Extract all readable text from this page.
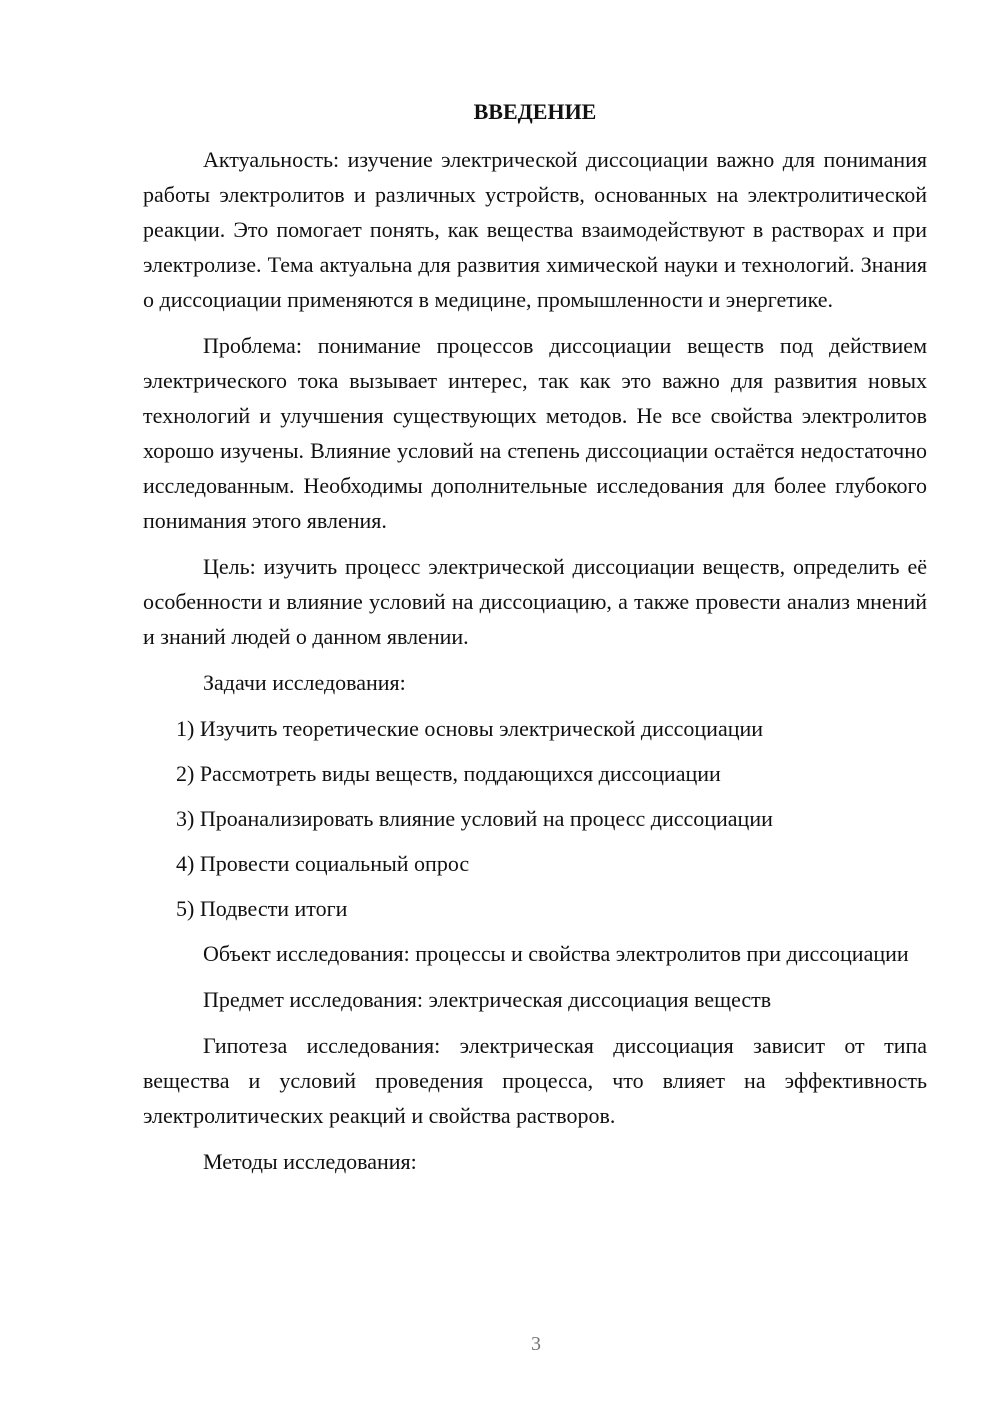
ВВЕДЕНИЕ

Актуальность: изучение электрической диссоциации важно для понимания работы электролитов и различных устройств, основанных на электролитической реакции. Это помогает понять, как вещества взаимодействуют в растворах и при электролизе. Тема актуальна для развития химической науки и технологий. Знания о диссоциации применяются в медицине, промышленности и энергетике.

Проблема: понимание процессов диссоциации веществ под действием электрического тока вызывает интерес, так как это важно для развития новых технологий и улучшения существующих методов. Не все свойства электролитов хорошо изучены. Влияние условий на степень диссоциации остаётся недостаточно исследованным. Необходимы дополнительные исследования для более глубокого понимания этого явления.

Цель: изучить процесс электрической диссоциации веществ, определить её особенности и влияние условий на диссоциацию, а также провести анализ мнений и знаний людей о данном явлении.

Задачи исследования:

1) Изучить теоретические основы электрической диссоциации
2) Рассмотреть виды веществ, поддающихся диссоциации
3) Проанализировать влияние условий на процесс диссоциации
4) Провести социальный опрос
5) Подвести итоги

Объект исследования: процессы и свойства электролитов при диссоциации

Предмет исследования: электрическая диссоциация веществ

Гипотеза исследования: электрическая диссоциация зависит от типа вещества и условий проведения процесса, что влияет на эффективность электролитических реакций и свойства растворов.

Методы исследования:

3
